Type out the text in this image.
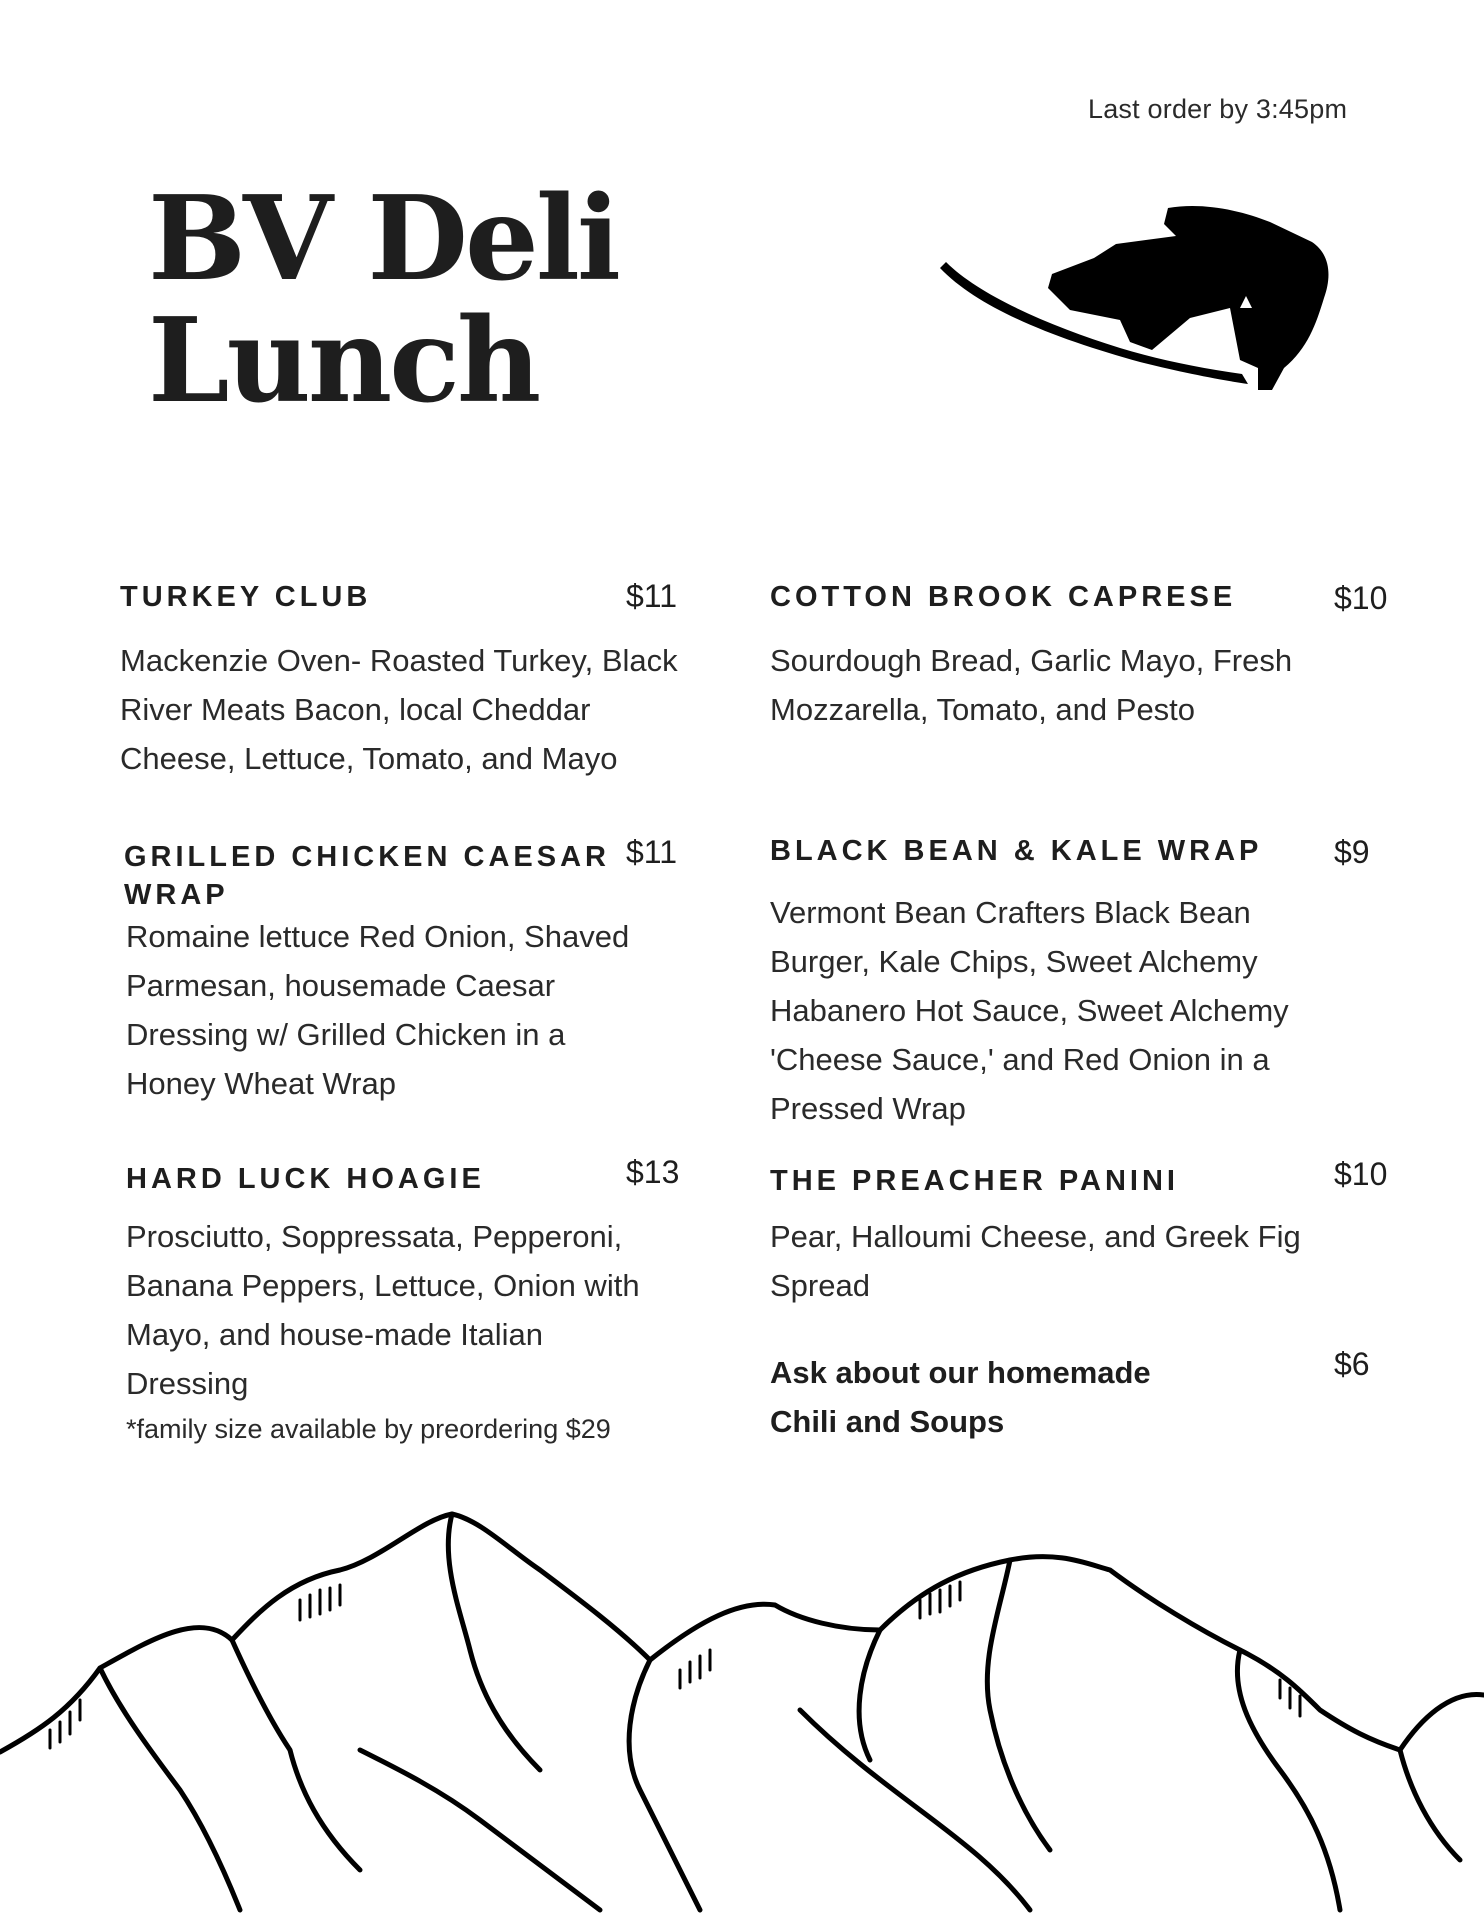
Last order by 3:45pm
BV Deli
Lunch
TURKEY CLUB	$11
Mackenzie Oven- Roasted Turkey, Black
River Meats Bacon, local Cheddar
Cheese, Lettuce, Tomato, and Mayo
GRILLED CHICKEN CAESAR
WRAP
$11
Romaine lettuce Red Onion, Shaved
Parmesan, housemade Caesar
Dressing w/ Grilled Chicken in a
Honey Wheat Wrap
HARD LUCK HOAGIE	$13
Prosciutto, Soppressata, Pepperoni,
Banana Peppers, Lettuce, Onion with
Mayo, and house-made Italian
Dressing
*family size available by preordering $29
COTTON BROOK CAPRESE	$10
Sourdough Bread, Garlic Mayo, Fresh
Mozzarella, Tomato, and Pesto
BLACK BEAN & KALE WRAP $9
Vermont Bean Crafters Black Bean
Burger, Kale Chips, Sweet Alchemy
Habanero Hot Sauce, Sweet Alchemy
'Cheese Sauce,' and Red Onion in a
Pressed Wrap
THE PREACHER PANINI	$10
Pear, Halloumi Cheese, and Greek Fig
Spread
Ask about our homemade
Chili and Soups
$6
